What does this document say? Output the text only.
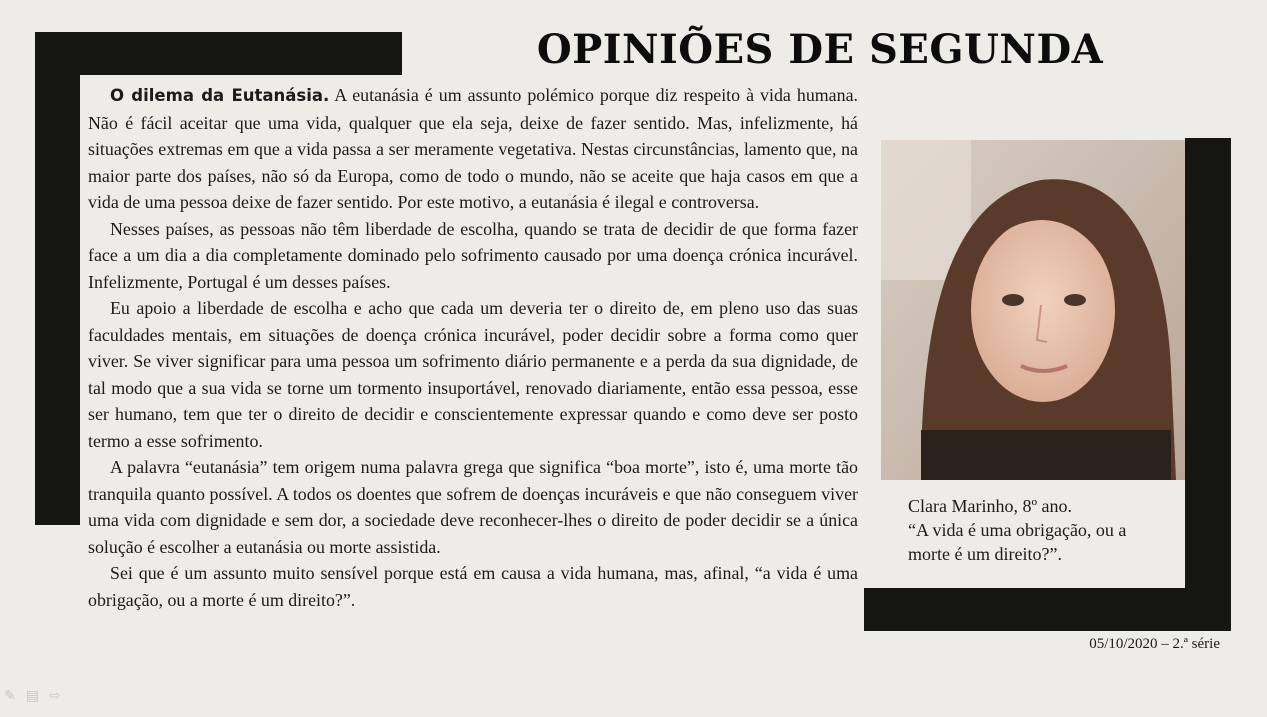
OPINIÕES DE SEGUNDA

O dilema da Eutanásia. A eutanásia é um assunto polémico porque diz respeito à vida humana. Não é fácil aceitar que uma vida, qualquer que ela seja, deixe de fazer sentido. Mas, infelizmente, há situações extremas em que a vida passa a ser meramente vegetativa. Nestas circunstâncias, lamento que, na maior parte dos países, não só da Europa, como de todo o mundo, não se aceite que haja casos em que a vida de uma pessoa deixe de fazer sentido. Por este motivo, a eutanásia é ilegal e controversa.

Nesses países, as pessoas não têm liberdade de escolha, quando se trata de decidir de que forma fazer face a um dia a dia completamente dominado pelo sofrimento causado por uma doença crónica incurável. Infelizmente, Portugal é um desses países.

Eu apoio a liberdade de escolha e acho que cada um deveria ter o direito de, em pleno uso das suas faculdades mentais, em situações de doença crónica incurável, poder decidir sobre a forma como quer viver. Se viver significar para uma pessoa um sofrimento diário permanente e a perda da sua dignidade, de tal modo que a sua vida se torne um tormento insuportável, renovado diariamente, então essa pessoa, esse ser humano, tem que ter o direito de decidir e conscientemente expressar quando e como deve ser posto termo a esse sofrimento.

A palavra “eutanásia” tem origem numa palavra grega que significa “boa morte”, isto é, uma morte tão tranquila quanto possível. A todos os doentes que sofrem de doenças incuráveis e que não conseguem viver uma vida com dignidade e sem dor, a sociedade deve reconhecer-lhes o direito de poder decidir se a única solução é escolher a eutanásia ou morte assistida.

Sei que é um assunto muito sensível porque está em causa a vida humana, mas, afinal, “a vida é uma obrigação, ou a morte é um direito?”.

Clara Marinho, 8º ano.
“A vida é uma obrigação, ou a
morte é um direito?”.
05/10/2020 – 2.ª série
✎ ▤ ⇨
